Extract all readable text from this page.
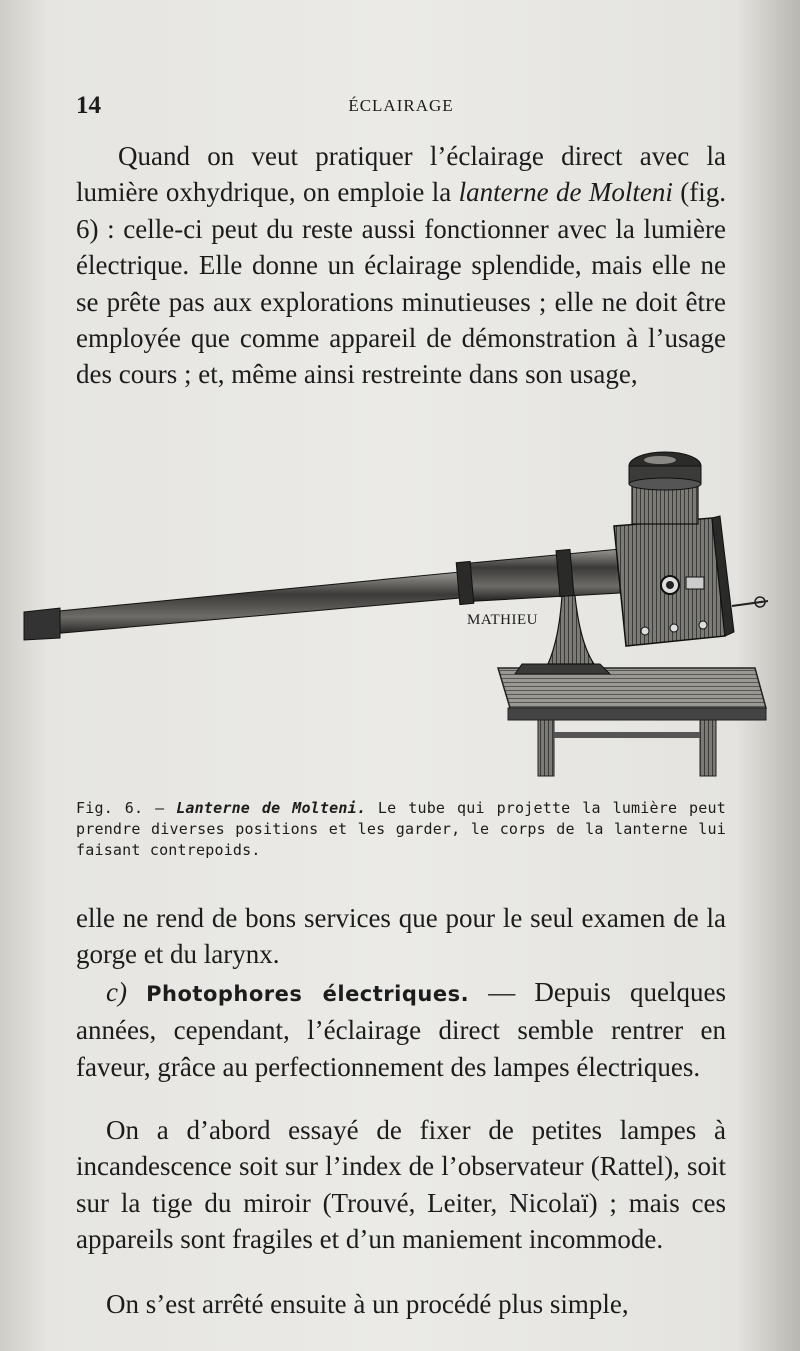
14	ÉCLAIRAGE

Quand on veut pratiquer l’éclairage direct avec la lumière oxhydrique, on emploie la lanterne de Molteni (fig. 6) : celle-ci peut du reste aussi fonctionner avec la lumière électrique. Elle donne un éclairage splendide, mais elle ne se prête pas aux explorations minutieuses ; elle ne doit être employée que comme appareil de démonstration à l’usage des cours ; et, même ainsi restreinte dans son usage,

MATHIEU

Fig. 6. — Lanterne de Molteni. Le tube qui projette la lumière peut prendre diverses positions et les garder, le corps de la lanterne lui faisant contrepoids.

elle ne rend de bons services que pour le seul examen de la gorge et du larynx.

c) Photophores électriques. — Depuis quelques années, cependant, l’éclairage direct semble rentrer en faveur, grâce au perfectionnement des lampes électriques.

On a d’abord essayé de fixer de petites lampes à incandescence soit sur l’index de l’observateur (Rattel), soit sur la tige du miroir (Trouvé, Leiter, Nicolaï) ; mais ces appareils sont fragiles et d’un maniement incommode.

On s’est arrêté ensuite à un procédé plus simple,
